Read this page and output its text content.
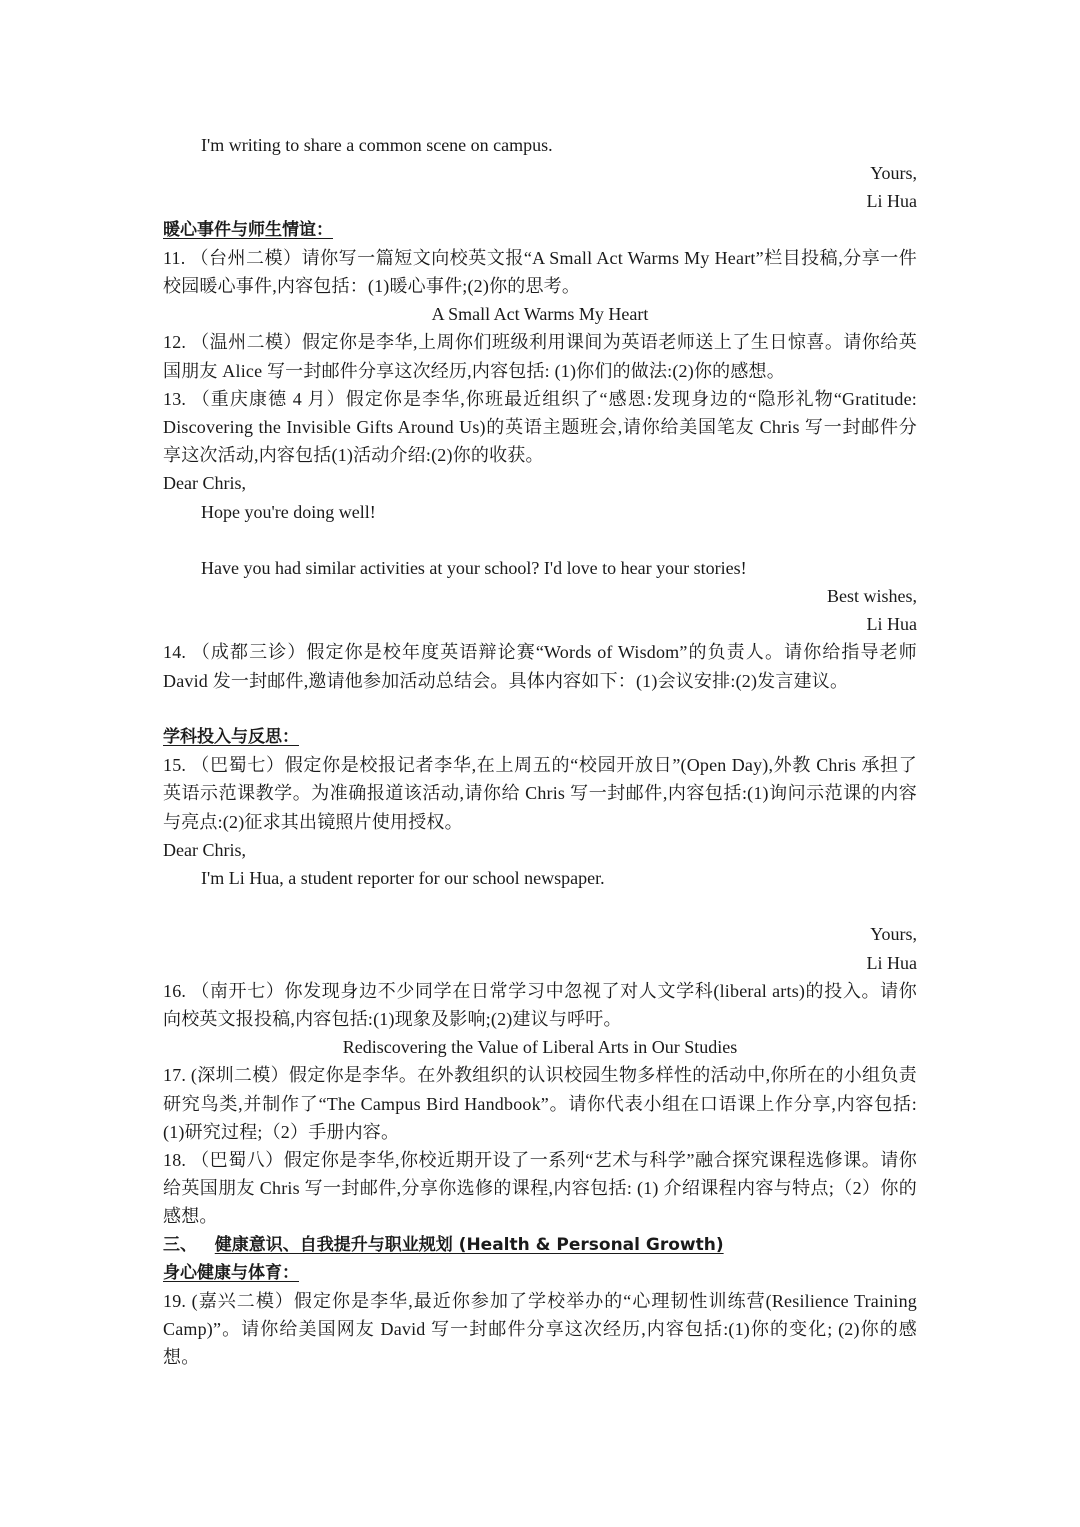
I'm writing to share a common scene on campus.
Yours,
Li Hua
暖心事件与师生情谊：
11. （台州二模）请你写一篇短文向校英文报“A Small Act Warms My Heart”栏目投稿,分享一件校园暖心事件,内容包括：(1)暖心事件;(2)你的思考。
A Small Act Warms My Heart
12. （温州二模）假定你是李华,上周你们班级利用课间为英语老师送上了生日惊喜。请你给英国朋友 Alice 写一封邮件分享这次经历,内容包括: (1)你们的做法:(2)你的感想。
13. （重庆康德 4 月）假定你是李华,你班最近组织了“感恩:发现身边的“隐形礼物“Gratitude: Discovering the Invisible Gifts Around Us)的英语主题班会,请你给美国笔友 Chris 写一封邮件分享这次活动,内容包括(1)活动介绍:(2)你的收获。
Dear Chris,
Hope you're doing well!
Have you had similar activities at your school? I'd love to hear your stories!
Best wishes,
Li Hua
14. （成都三诊）假定你是校年度英语辩论赛“Words of Wisdom”的负责人。请你给指导老师 David 发一封邮件,邀请他参加活动总结会。具体内容如下：(1)会议安排:(2)发言建议。
学科投入与反思：
15. （巴蜀七）假定你是校报记者李华,在上周五的“校园开放日”(Open Day),外教 Chris 承担了英语示范课教学。为准确报道该活动,请你给 Chris 写一封邮件,内容包括:(1)询问示范课的内容与亮点:(2)征求其出镜照片使用授权。
Dear Chris,
I'm Li Hua, a student reporter for our school newspaper.
Yours,
Li Hua
16. （南开七）你发现身边不少同学在日常学习中忽视了对人文学科(liberal arts)的投入。请你向校英文报投稿,内容包括:(1)现象及影响;(2)建议与呼吁。
Rediscovering the Value of Liberal Arts in Our Studies
17. (深圳二模）假定你是李华。在外教组织的认识校园生物多样性的活动中,你所在的小组负责研究鸟类,并制作了“The Campus Bird Handbook”。请你代表小组在口语课上作分享,内容包括:(1)研究过程;（2）手册内容。
18. （巴蜀八）假定你是李华,你校近期开设了一系列“艺术与科学”融合探究课程选修课。请你给英国朋友 Chris 写一封邮件,分享你选修的课程,内容包括: (1) 介绍课程内容与特点;（2）你的感想。
三、 健康意识、自我提升与职业规划 (Health & Personal Growth)
身心健康与体育：
19. (嘉兴二模）假定你是李华,最近你参加了学校举办的“心理韧性训练营(Resilience Training Camp)”。请你给美国网友 David 写一封邮件分享这次经历,内容包括:(1)你的变化; (2)你的感想。
